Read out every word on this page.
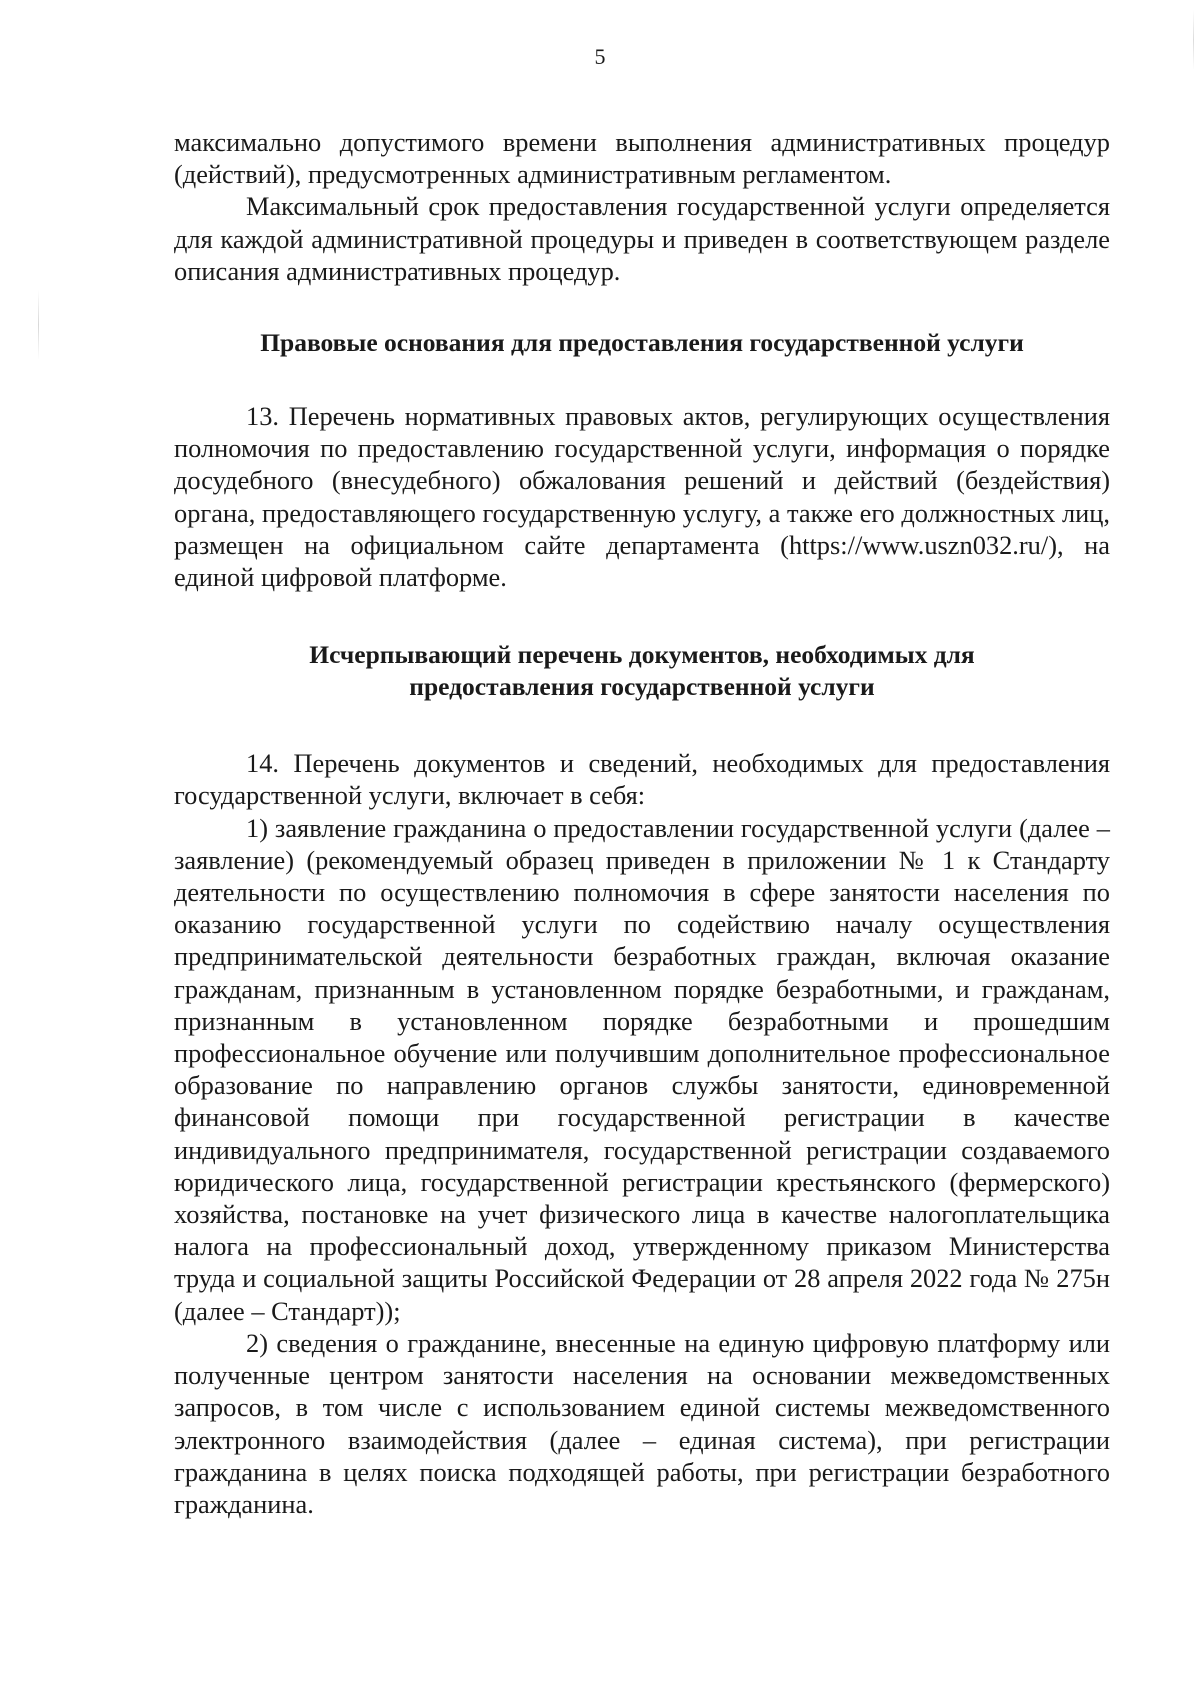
5

максимально допустимого времени выполнения административных процедур (действий), предусмотренных административным регламентом.

Максимальный срок предоставления государственной услуги определяется для каждой административной процедуры и приведен в соответствующем разделе описания административных процедур.

Правовые основания для предоставления государственной услуги

13. Перечень нормативных правовых актов, регулирующих осуществления полномочия по предоставлению государственной услуги, информация о порядке досудебного (внесудебного) обжалования решений и действий (бездействия) органа, предоставляющего государственную услугу, а также его должностных лиц, размещен на официальном сайте департамента (https://www.uszn032.ru/), на единой цифровой платформе.

Исчерпывающий перечень документов, необходимых для
предоставления государственной услуги

14. Перечень документов и сведений, необходимых для предоставления государственной услуги, включает в себя:

1) заявление гражданина о предоставлении государственной услуги (далее – заявление) (рекомендуемый образец приведен в приложении № 1 к Стандарту деятельности по осуществлению полномочия в сфере занятости населения по оказанию государственной услуги по содействию началу осуществления предпринимательской деятельности безработных граждан, включая оказание гражданам, признанным в установленном порядке безработными, и гражданам, признанным в установленном порядке безработными и прошедшим профессиональное обучение или получившим дополнительное профессиональное образование по направлению органов службы занятости, единовременной финансовой помощи при государственной регистрации в качестве индивидуального предпринимателя, государственной регистрации создаваемого юридического лица, государственной регистрации крестьянского (фермерского) хозяйства, постановке на учет физического лица в качестве налогоплательщика налога на профессиональный доход, утвержденному приказом Министерства труда и социальной защиты Российской Федерации от 28 апреля 2022 года № 275н (далее – Стандарт));

2) сведения о гражданине, внесенные на единую цифровую платформу или полученные центром занятости населения на основании межведомственных запросов, в том числе с использованием единой системы межведомственного электронного взаимодействия (далее – единая система), при регистрации гражданина в целях поиска подходящей работы, при регистрации безработного гражданина.
